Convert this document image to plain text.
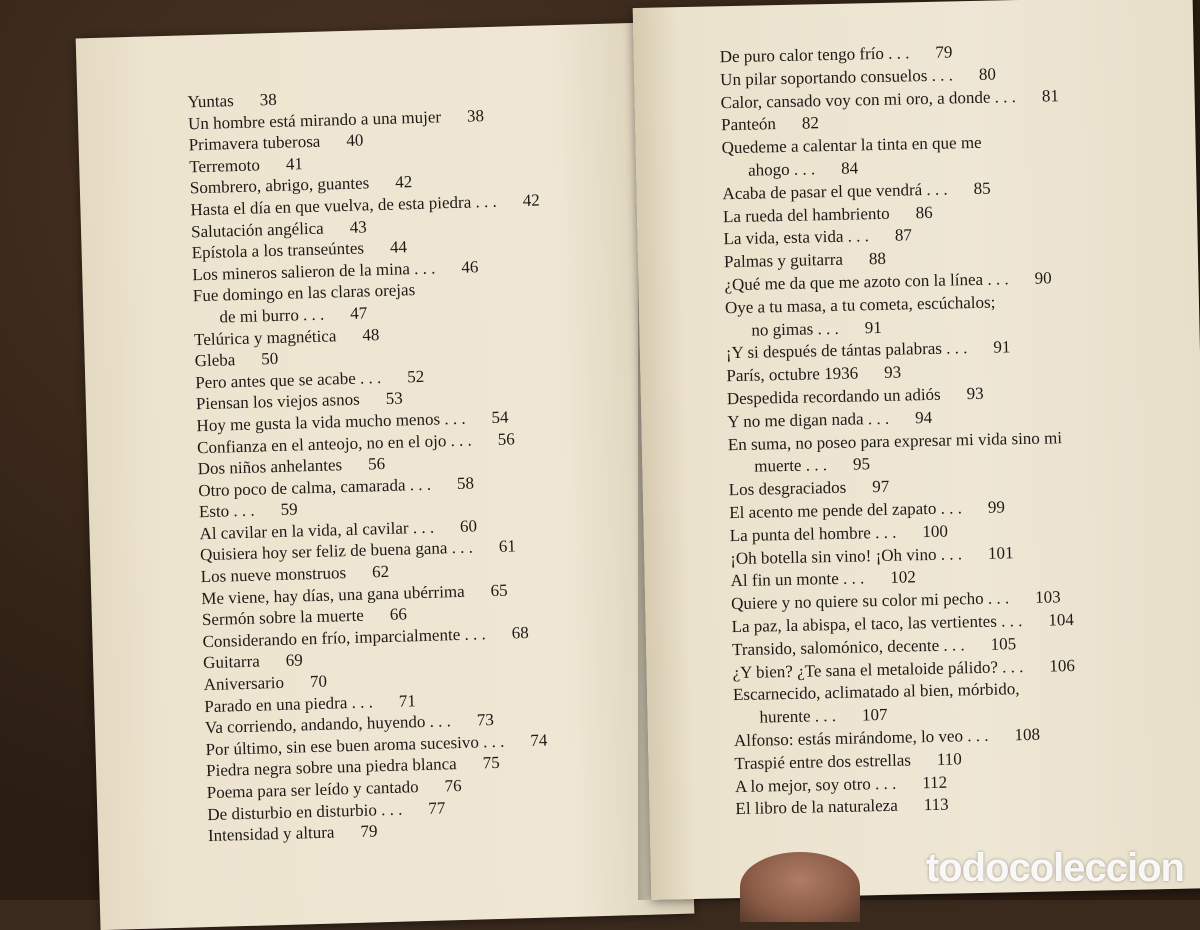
Yuntas 38
Un hombre está mirando a una mujer 38
Primavera tuberosa 40
Terremoto 41
Sombrero, abrigo, guantes 42
Hasta el día en que vuelva, de esta piedra . . . 42
Salutación angélica 43
Epístola a los transeúntes 44
Los mineros salieron de la mina . . . 46
Fue domingo en las claras orejas
de mi burro . . . 47
Telúrica y magnética 48
Gleba 50
Pero antes que se acabe . . . 52
Piensan los viejos asnos 53
Hoy me gusta la vida mucho menos . . . 54
Confianza en el anteojo, no en el ojo . . . 56
Dos niños anhelantes 56
Otro poco de calma, camarada . . . 58
Esto . . . 59
Al cavilar en la vida, al cavilar . . . 60
Quisiera hoy ser feliz de buena gana . . . 61
Los nueve monstruos 62
Me viene, hay días, una gana ubérrima 65
Sermón sobre la muerte 66
Considerando en frío, imparcialmente . . . 68
Guitarra 69
Aniversario 70
Parado en una piedra . . . 71
Va corriendo, andando, huyendo . . . 73
Por último, sin ese buen aroma sucesivo . . . 74
Piedra negra sobre una piedra blanca 75
Poema para ser leído y cantado 76
De disturbio en disturbio . . . 77
Intensidad y altura 79
De puro calor tengo frío . . . 79
Un pilar soportando consuelos . . . 80
Calor, cansado voy con mi oro, a donde . . . 81
Panteón 82
Quedeme a calentar la tinta en que me
ahogo . . . 84
Acaba de pasar el que vendrá . . . 85
La rueda del hambriento 86
La vida, esta vida . . . 87
Palmas y guitarra 88
¿Qué me da que me azoto con la línea . . . 90
Oye a tu masa, a tu cometa, escúchalos;
no gimas . . . 91
¡Y si después de tántas palabras . . . 91
París, octubre 1936 93
Despedida recordando un adiós 93
Y no me digan nada . . . 94
En suma, no poseo para expresar mi vida sino mi
muerte . . . 95
Los desgraciados 97
El acento me pende del zapato . . . 99
La punta del hombre . . . 100
¡Oh botella sin vino! ¡Oh vino . . . 101
Al fin un monte . . . 102
Quiere y no quiere su color mi pecho . . . 103
La paz, la abispa, el taco, las vertientes . . . 104
Transido, salomónico, decente . . . 105
¿Y bien? ¿Te sana el metaloide pálido? . . . 106
Escarnecido, aclimatado al bien, mórbido,
hurente . . . 107
Alfonso: estás mirándome, lo veo . . . 108
Traspié entre dos estrellas 110
A lo mejor, soy otro . . . 112
El libro de la naturaleza 113
todocoleccion
